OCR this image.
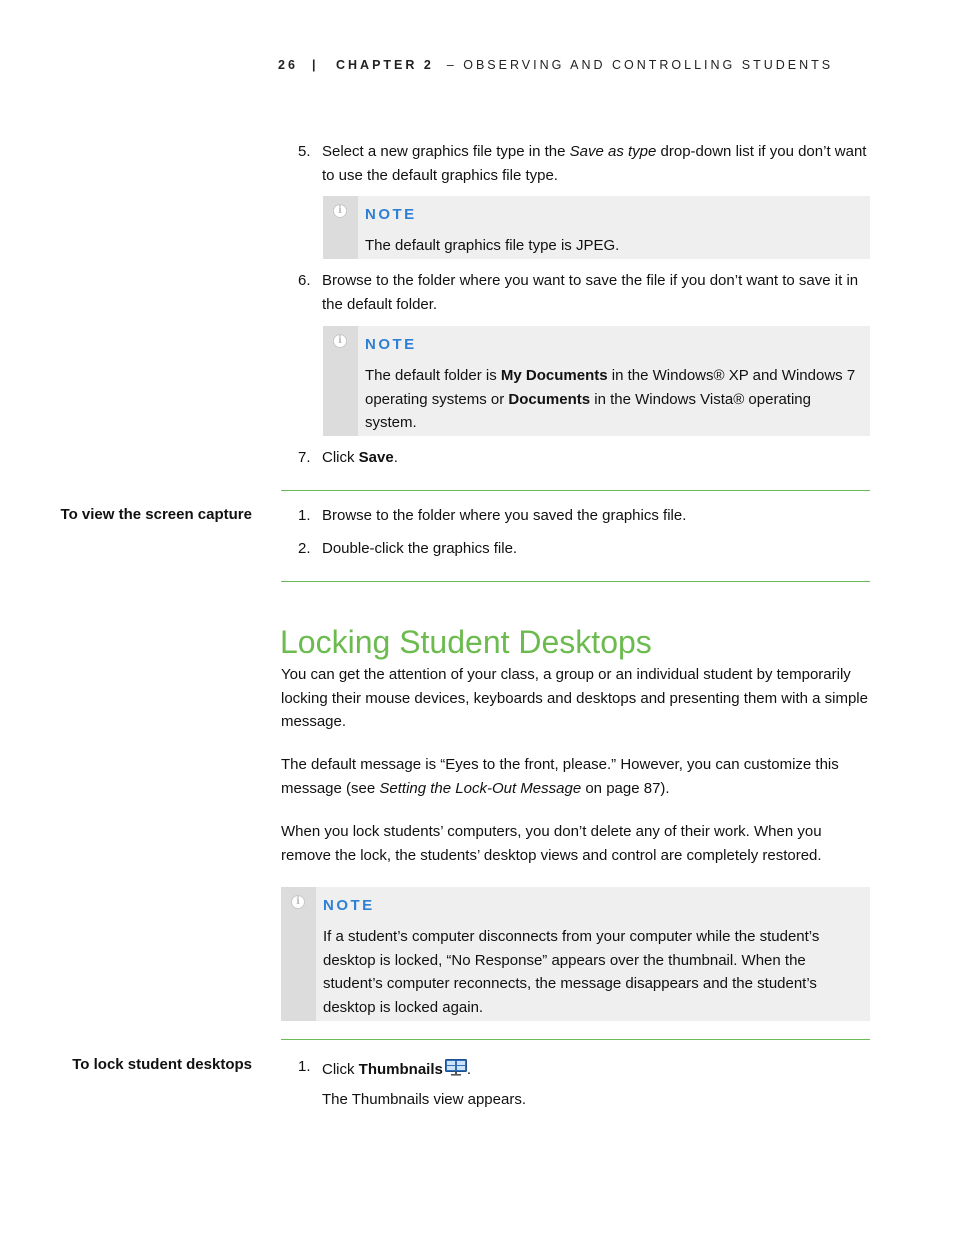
26 | CHAPTER 2 – OBSERVING AND CONTROLLING STUDENTS
5. Select a new graphics file type in the Save as type drop-down list if you don’t want to use the default graphics file type.
i	NOTE
The default graphics file type is JPEG.
6. Browse to the folder where you want to save the file if you don’t want to save it in the default folder.
i	NOTE
The default folder is My Documents in the Windows® XP and Windows 7 operating systems or Documents in the Windows Vista® operating system.
7. Click Save.
To view the screen capture	1. Browse to the folder where you saved the graphics file.
2. Double-click the graphics file.
Locking Student Desktops
You can get the attention of your class, a group or an individual student by temporarily locking their mouse devices, keyboards and desktops and presenting them with a simple message.
The default message is “Eyes to the front, please.” However, you can customize this message (see Setting the Lock-Out Message on page 87).
When you lock students’ computers, you don’t delete any of their work. When you remove the lock, the students’ desktop views and control are completely restored.
i	NOTE
If a student’s computer disconnects from your computer while the student’s desktop is locked, “No Response” appears over the thumbnail. When the student’s computer reconnects, the message disappears and the student’s desktop is locked again.
To lock student desktops	1. Click Thumbnails .
The Thumbnails view appears.
